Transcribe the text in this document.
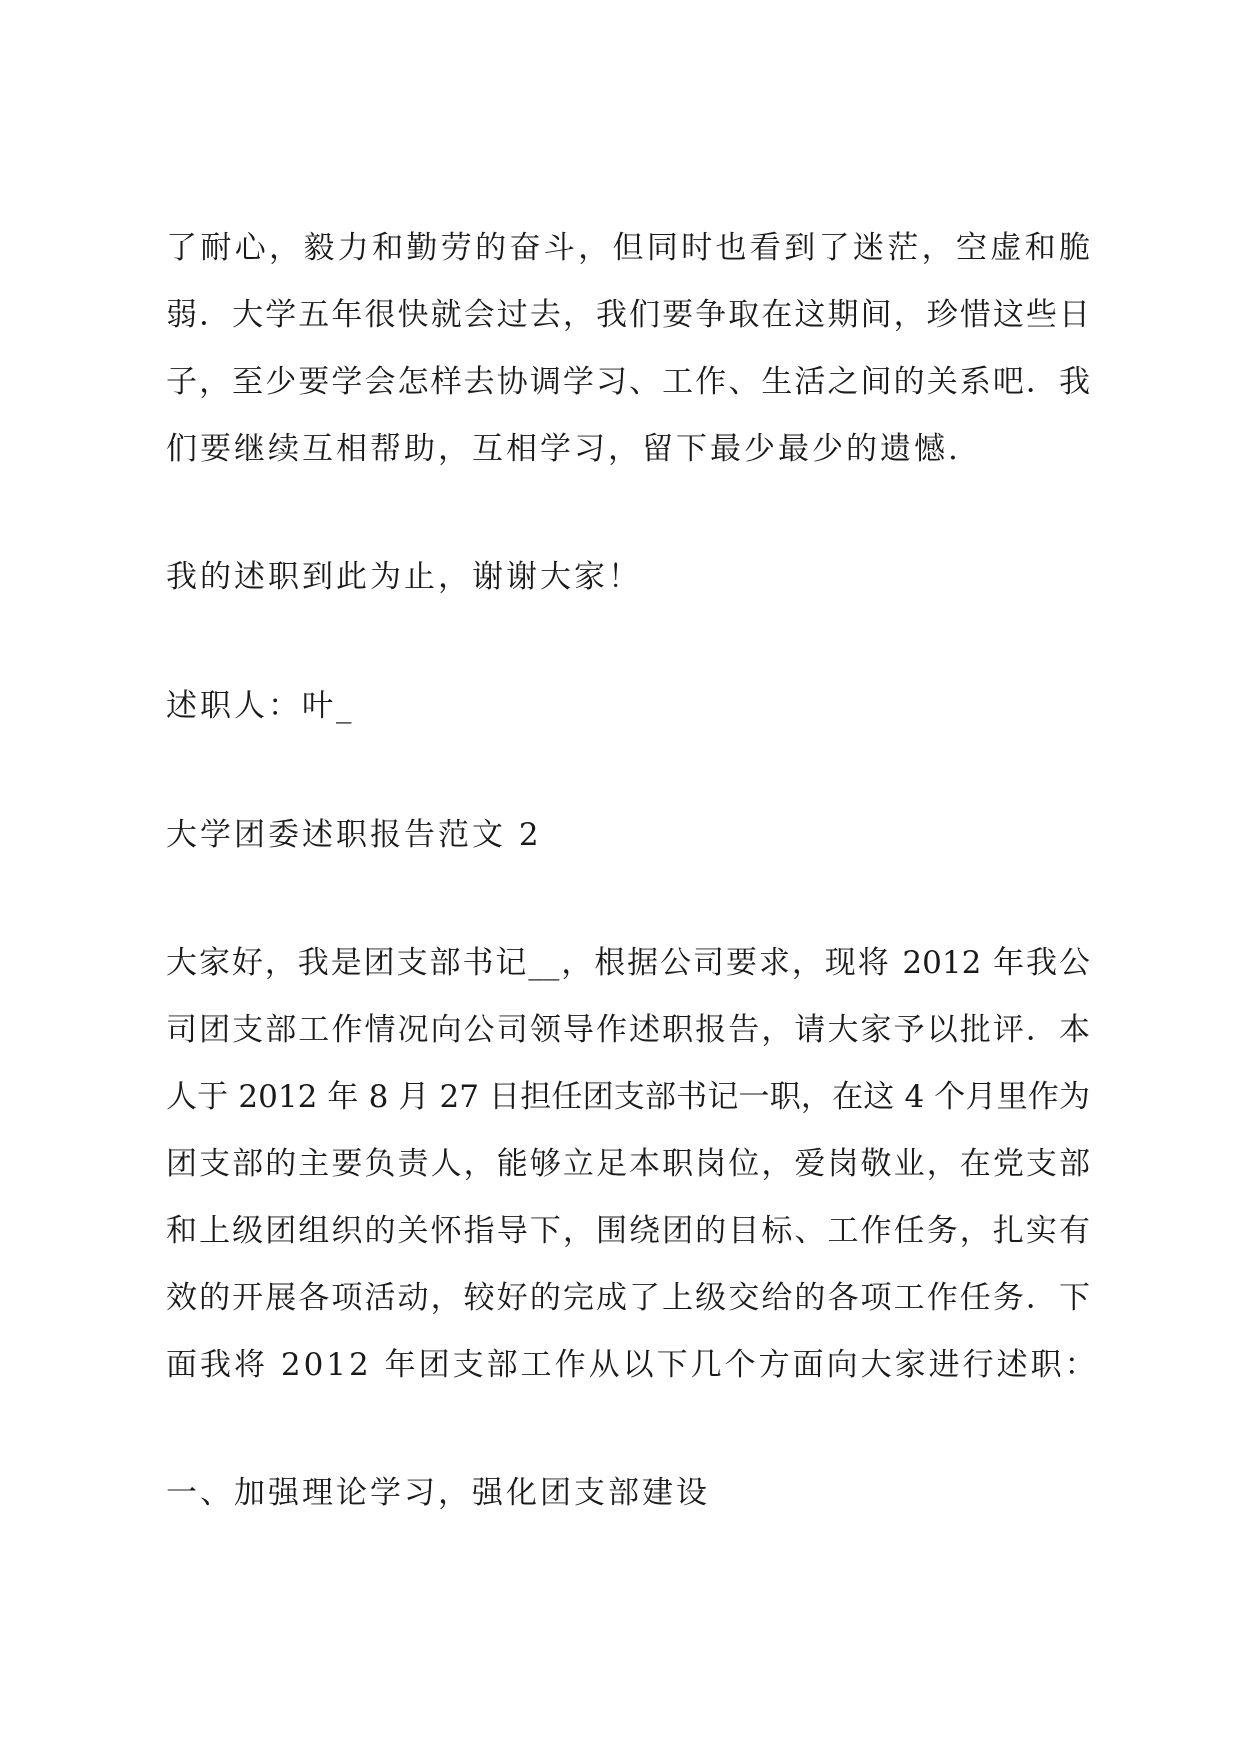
了耐心，毅力和勤劳的奋斗，但同时也看到了迷茫，空虚和脆

弱．大学五年很快就会过去，我们要争取在这期间，珍惜这些日

子，至少要学会怎样去协调学习、工作、生活之间的关系吧．我

们要继续互相帮助，互相学习，留下最少最少的遗憾.

我的述职到此为止，谢谢大家！

述职人：叶_

大学团委述职报告范文 2

大家好，我是团支部书记__，根据公司要求，现将 2012 年我公

司团支部工作情况向公司领导作述职报告，请大家予以批评．本

人于 2012 年 8 月 27 日担任团支部书记一职，在这 4 个月里作为

团支部的主要负责人，能够立足本职岗位，爱岗敬业，在党支部

和上级团组织的关怀指导下，围绕团的目标、工作任务，扎实有

效的开展各项活动，较好的完成了上级交给的各项工作任务．下

面我将 2012 年团支部工作从以下几个方面向大家进行述职：

一、加强理论学习，强化团支部建设
